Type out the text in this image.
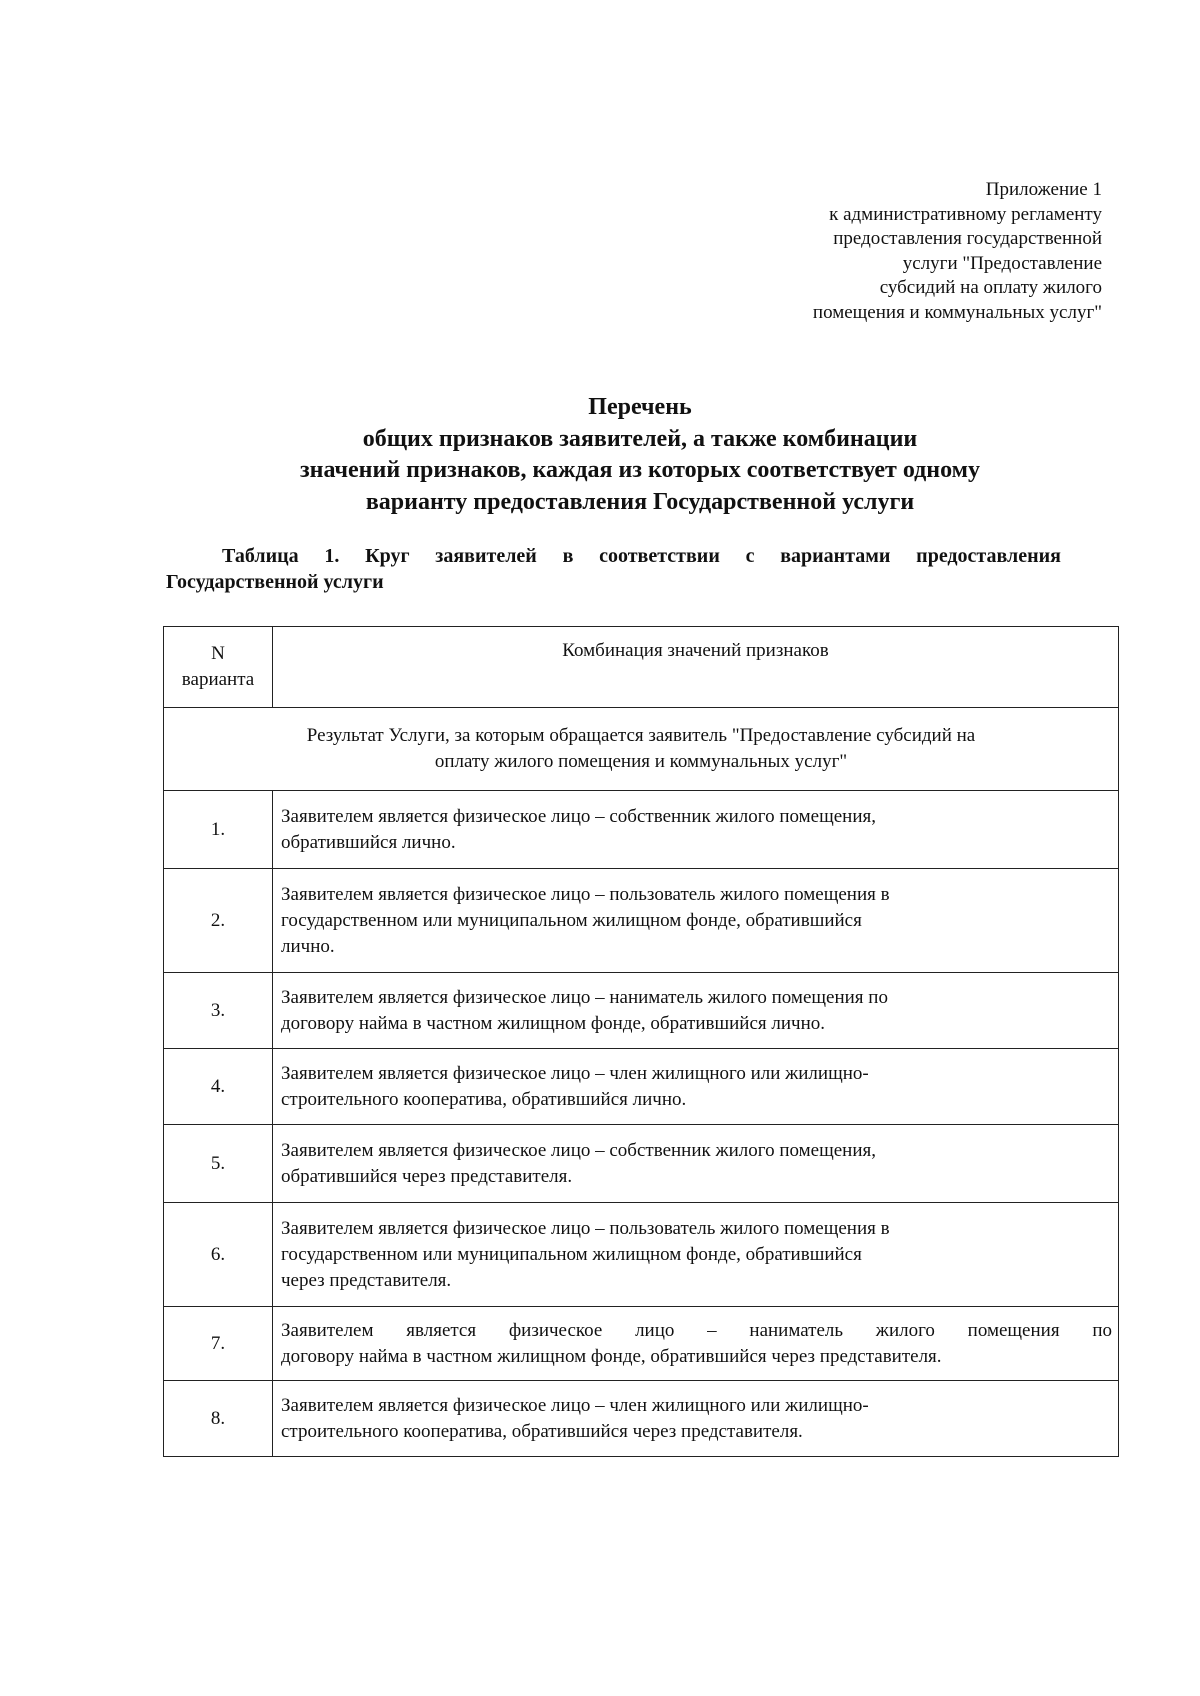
Приложение 1
к административному регламенту
предоставления государственной
услуги "Предоставление
субсидий на оплату жилого
помещения и коммунальных услуг"
Перечень
общих признаков заявителей, а также комбинации
значений признаков, каждая из которых соответствует одному
варианту предоставления Государственной услуги
Таблица 1. Круг заявителей в соответствии с вариантами предоставления
Государственной услуги
N
варианта	Комбинация значений признаков

Результат Услуги, за которым обращается заявитель "Предоставление субсидий на
оплату жилого помещения и коммунальных услуг"	

1.	Заявителем является физическое лицо – собственник жилого помещения,
обратившийся лично.

2.	Заявителем является физическое лицо – пользователь жилого помещения в
государственном или муниципальном жилищном фонде, обратившийся
лично.

3.	Заявителем является физическое лицо – наниматель жилого помещения по
договору найма в частном жилищном фонде, обратившийся лично.

4.	Заявителем является физическое лицо – член жилищного или жилищно-
строительного кооператива, обратившийся лично.

5.	Заявителем является физическое лицо – собственник жилого помещения,
обратившийся через представителя.

6.	Заявителем является физическое лицо – пользователь жилого помещения в
государственном или муниципальном жилищном фонде, обратившийся
через представителя.

7.	Заявителем является физическое лицо – наниматель жилого помещения по
договору найма в частном жилищном фонде, обратившийся через представителя.

8.	Заявителем является физическое лицо – член жилищного или жилищно-
строительного кооператива, обратившийся через представителя.
